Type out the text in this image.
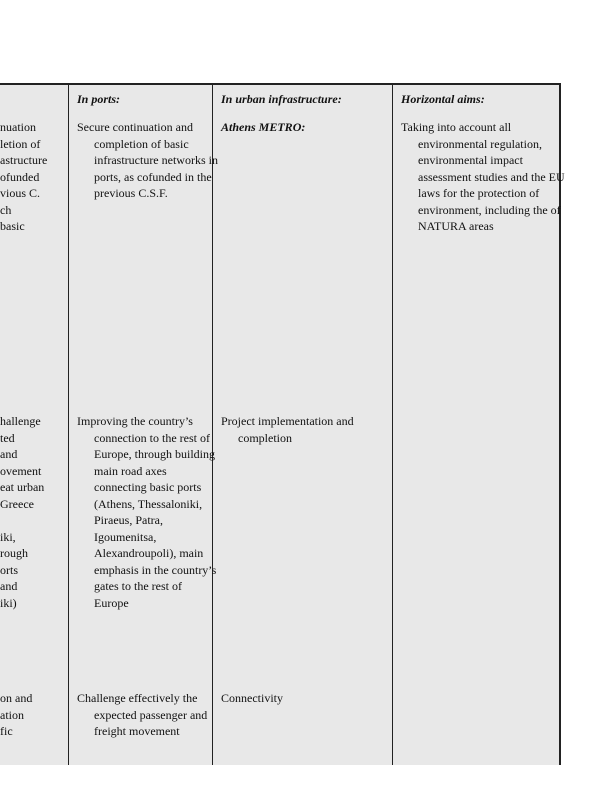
In ports:	In urban infrastructure:	Horizontal aims:
nuation
letion of
astructure
ofunded
vious C.
ch
basic
hallenge
ted
and
ovement
eat urban
Greece
iki,
rough
orts
and
iki)
on and
ation
fic
Secure continuation and completion of basic infrastructure networks in ports, as cofunded in the previous C.S.F.
Improving the country’s connection to the rest of Europe, through building main road axes connecting basic ports (Athens, Thessaloniki, Piraeus, Patra, Igoumenitsa, Alexandroupoli), main emphasis in the country’s gates to the rest of Europe
Challenge effectively the expected passenger and freight movement
Athens METRO:
Project implementation and completion
Connectivity
Taking into account all environmental regulation, environmental impact assessment studies and the EU laws for the protection of environment, including the of NATURA areas
